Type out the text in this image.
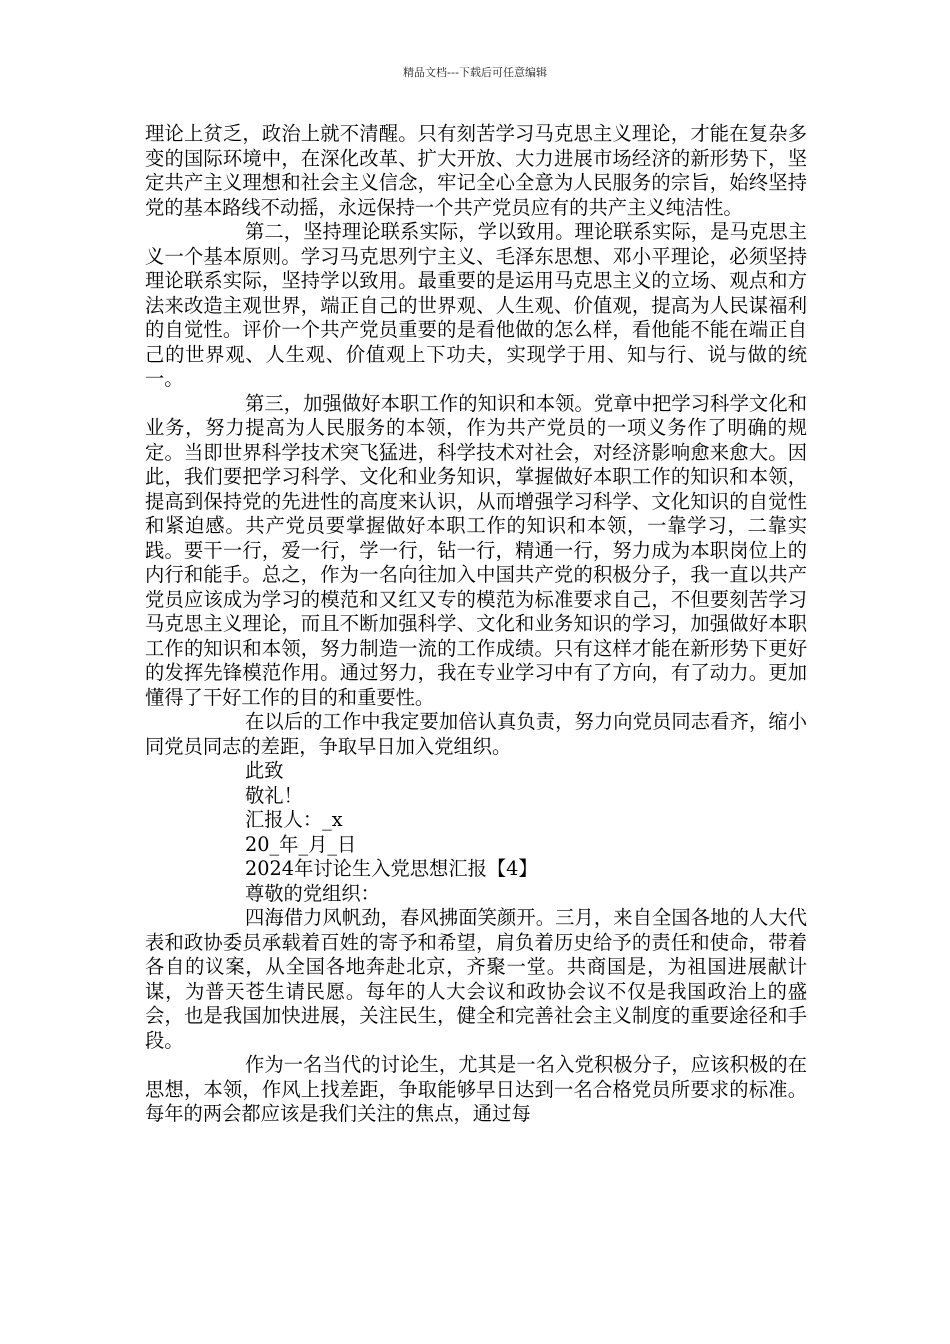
精品文档---下载后可任意编辑

理论上贫乏，政治上就不清醒。只有刻苦学习马克思主义理论，才能在复杂多变的国际环境中，在深化改革、扩大开放、大力进展市场经济的新形势下，坚定共产主义理想和社会主义信念，牢记全心全意为人民服务的宗旨，始终坚持党的基本路线不动摇，永远保持一个共产党员应有的共产主义纯洁性。

第二，坚持理论联系实际，学以致用。理论联系实际，是马克思主义一个基本原则。学习马克思列宁主义、毛泽东思想、邓小平理论，必须坚持理论联系实际，坚持学以致用。最重要的是运用马克思主义的立场、观点和方法来改造主观世界，端正自己的世界观、人生观、价值观，提高为人民谋福利的自觉性。评价一个共产党员重要的是看他做的怎么样，看他能不能在端正自己的世界观、人生观、价值观上下功夫，实现学于用、知与行、说与做的统一。

第三，加强做好本职工作的知识和本领。党章中把学习科学文化和业务，努力提高为人民服务的本领，作为共产党员的一项义务作了明确的规定。当即世界科学技术突飞猛进，科学技术对社会，对经济影响愈来愈大。因此，我们要把学习科学、文化和业务知识，掌握做好本职工作的知识和本领，提高到保持党的先进性的高度来认识，从而增强学习科学、文化知识的自觉性和紧迫感。共产党员要掌握做好本职工作的知识和本领，一靠学习，二靠实践。要干一行，爱一行，学一行，钻一行，精通一行，努力成为本职岗位上的内行和能手。总之，作为一名向往加入中国共产党的积极分子，我一直以共产党员应该成为学习的模范和又红又专的模范为标准要求自己，不但要刻苦学习马克思主义理论，而且不断加强科学、文化和业务知识的学习，加强做好本职工作的知识和本领，努力制造一流的工作成绩。只有这样才能在新形势下更好的发挥先锋模范作用。通过努力，我在专业学习中有了方向，有了动力。更加懂得了干好工作的目的和重要性。

在以后的工作中我定要加倍认真负责，努力向党员同志看齐，缩小同党员同志的差距，争取早日加入党组织。

此致

敬礼！

汇报人：_x

20_年_月_日

2024年讨论生入党思想汇报【4】

尊敬的党组织：

四海借力风帆劲，春风拂面笑颜开。三月，来自全国各地的人大代表和政协委员承载着百姓的寄予和希望，肩负着历史给予的责任和使命，带着各自的议案，从全国各地奔赴北京，齐聚一堂。共商国是，为祖国进展献计谋，为普天苍生请民愿。每年的人大会议和政协会议不仅是我国政治上的盛会，也是我国加快进展，关注民生，健全和完善社会主义制度的重要途径和手段。

作为一名当代的讨论生，尤其是一名入党积极分子，应该积极的在思想，本领，作风上找差距，争取能够早日达到一名合格党员所要求的标准。每年的两会都应该是我们关注的焦点，通过每
